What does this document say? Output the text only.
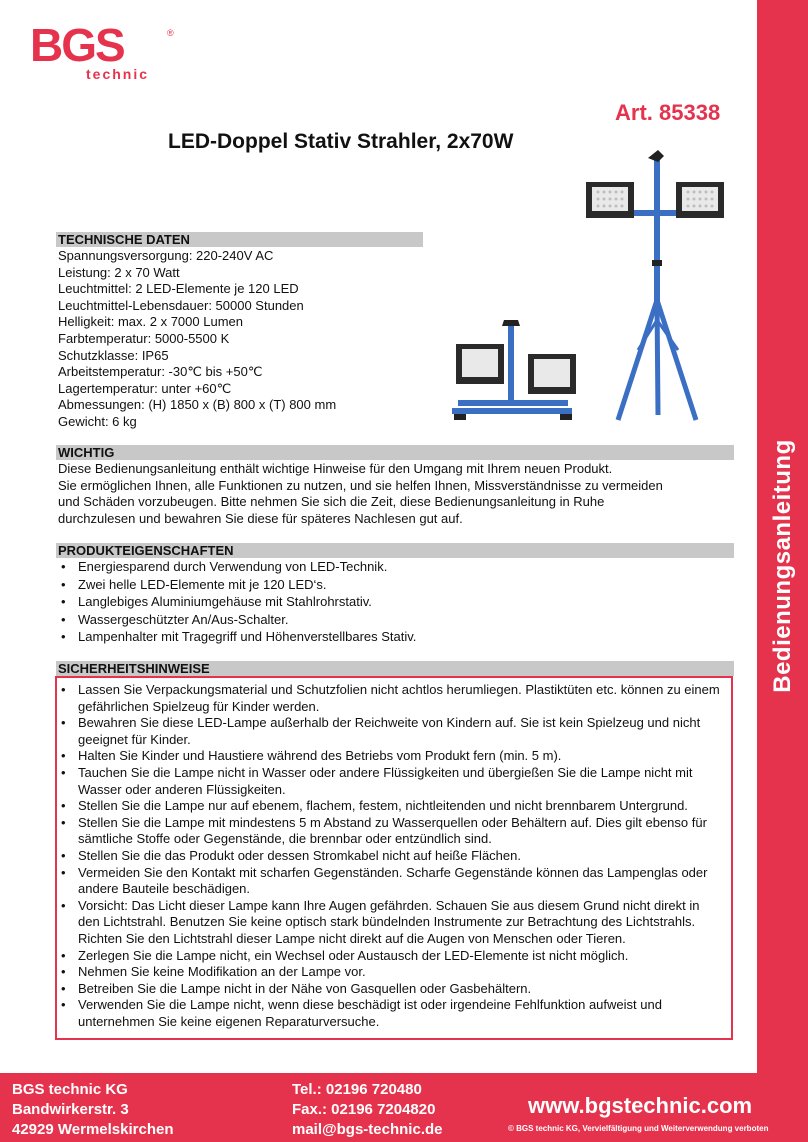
Bedienungsanleitung
BGS	®
technic
Art. 85338
LED-Doppel Stativ Strahler, 2x70W
TECHNISCHE DATEN
Spannungsversorgung: 220-240V AC
Leistung: 2 x 70 Watt
Leuchtmittel: 2 LED-Elemente je 120 LED
Leuchtmittel-Lebensdauer: 50000 Stunden
Helligkeit: max. 2 x 7000 Lumen
Farbtemperatur: 5000-5500 K
Schutzklasse: IP65
Arbeitstemperatur: -30℃ bis +50℃
Lagertemperatur: unter +60℃
Abmessungen: (H) 1850 x (B) 800 x (T) 800 mm
Gewicht: 6 kg
WICHTIG
Diese Bedienungsanleitung enthält wichtige Hinweise für den Umgang mit Ihrem neuen Produkt.
Sie ermöglichen Ihnen, alle Funktionen zu nutzen, und sie helfen Ihnen, Missverständnisse zu vermeiden
und Schäden vorzubeugen. Bitte nehmen Sie sich die Zeit, diese Bedienungsanleitung in Ruhe
durchzulesen und bewahren Sie diese für späteres Nachlesen gut auf.
PRODUKTEIGENSCHAFTEN
• Energiesparend durch Verwendung von LED-Technik.
• Zwei helle LED-Elemente mit je 120 LED‘s.
• Langlebiges Aluminiumgehäuse mit Stahlrohrstativ.
• Wassergeschützter An/Aus-Schalter.
• Lampenhalter mit Tragegriff und Höhenverstellbares Stativ.
SICHERHEITSHINWEISE
• Lassen Sie Verpackungsmaterial und Schutzfolien nicht achtlos herumliegen. Plastiktüten etc. können zu einem gefährlichen Spielzeug für Kinder werden.
• Bewahren Sie diese LED-Lampe außerhalb der Reichweite von Kindern auf. Sie ist kein Spielzeug und nicht geeignet für Kinder.
• Halten Sie Kinder und Haustiere während des Betriebs vom Produkt fern (min. 5 m).
• Tauchen Sie die Lampe nicht in Wasser oder andere Flüssigkeiten und übergießen Sie die Lampe nicht mit Wasser oder anderen Flüssigkeiten.
• Stellen Sie die Lampe nur auf ebenem, flachem, festem, nichtleitenden und nicht brennbarem Untergrund.
• Stellen Sie die Lampe mit mindestens 5 m Abstand zu Wasserquellen oder Behältern auf. Dies gilt ebenso für sämtliche Stoffe oder Gegenstände, die brennbar oder entzündlich sind.
• Stellen Sie die das Produkt oder dessen Stromkabel nicht auf heiße Flächen.
• Vermeiden Sie den Kontakt mit scharfen Gegenständen. Scharfe Gegenstände können das Lampenglas oder andere Bauteile beschädigen.
• Vorsicht: Das Licht dieser Lampe kann Ihre Augen gefährden. Schauen Sie aus diesem Grund nicht direkt in den Lichtstrahl. Benutzen Sie keine optisch stark bündelnden Instrumente zur Betrachtung des Lichtstrahls. Richten Sie den Lichtstrahl dieser Lampe nicht direkt auf die Augen von Menschen oder Tieren.
• Zerlegen Sie die Lampe nicht, ein Wechsel oder Austausch der LED-Elemente ist nicht möglich.
• Nehmen Sie keine Modifikation an der Lampe vor.
• Betreiben Sie die Lampe nicht in der Nähe von Gasquellen oder Gasbehältern.
• Verwenden Sie die Lampe nicht, wenn diese beschädigt ist oder irgendeine Fehlfunktion aufweist und unternehmen Sie keine eigenen Reparaturversuche.
BGS technic KG
Bandwirkerstr. 3
42929 Wermelskirchen
Tel.: 02196 720480
Fax.: 02196 7204820
mail@bgs-technic.de
www.bgstechnic.com
© BGS technic KG, Vervielfältigung und Weiterverwendung verboten
